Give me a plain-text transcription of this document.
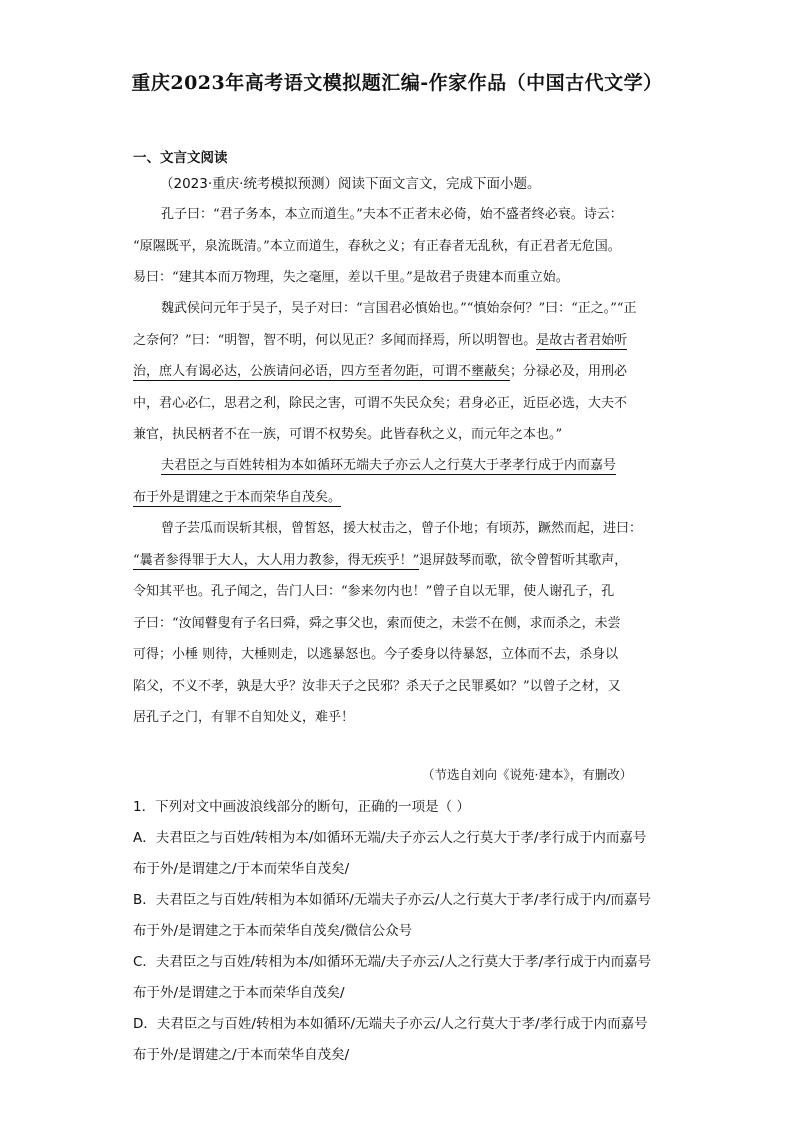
重庆2023年高考语文模拟题汇编-作家作品（中国古代文学）
一、文言文阅读
（2023·重庆·统考模拟预测）阅读下面文言文，完成下面小题。
孔子曰：“君子务本，本立而道生。”夫本不正者末必倚，始不盛者终必衰。诗云：
“原隰既平，泉流既清。”本立而道生，春秋之义；有正春者无乱秋，有正君者无危国。
易曰：“建其本而万物理，失之毫厘，差以千里。”是故君子贵建本而重立始。
魏武侯问元年于吴子，吴子对曰：“言国君必慎始也。”“慎始奈何？”曰：“正之。”“正
之奈何？”曰：“明智，智不明，何以见正？多闻而择焉，所以明智也。是故古者君始听
治，庶人有谒必达，公族请问必语，四方至者勿距，可谓不壅蔽矣；分禄必及，用刑必
中，君心必仁，思君之利，除民之害，可谓不失民众矣；君身必正，近臣必选，大夫不
兼官，执民柄者不在一族，可谓不权势矣。此皆春秋之义，而元年之本也。”
夫君臣之与百姓转相为本如循环无端夫子亦云人之行莫大于孝孝行成于内而嘉号
布于外是谓建之于本而荣华自茂矣。
曾子芸瓜而误斩其根，曾皙怒，援大杖击之，曾子仆地；有顷苏，蹶然而起，进曰：
“曩者参得罪于大人，大人用力教参，得无疾乎！”退屏鼓琴而歌，欲令曾皙听其歌声，
令知其平也。孔子闻之，告门人曰：“参来勿内也！”曾子自以无罪，使人谢孔子，孔
子曰：“汝闻瞽叟有子名曰舜，舜之事父也，索而使之，未尝不在侧，求而杀之，未尝
可得；小棰 则待，大棰则走，以逃暴怒也。今子委身以待暴怒，立体而不去，杀身以
陷父，不义不孝，孰是大乎？汝非天子之民邪？杀天子之民罪奚如？”以曾子之材，又
居孔子之门，有罪不自知处义，难乎！
（节选自刘向《说苑·建本》，有删改）
1．下列对文中画波浪线部分的断句，正确的一项是（ ）
A．夫君臣之与百姓/转相为本/如循环无端/夫子亦云人之行莫大于孝/孝行成于内而嘉号
布于外/是谓建之/于本而荣华自茂矣/
B．夫君臣之与百姓/转相为本如循环/无端夫子亦云/人之行莫大于孝/孝行成于内/而嘉号
布于外/是谓建之于本而荣华自茂矣/微信公众号
C．夫君臣之与百姓/转相为本/如循环无端/夫子亦云/人之行莫大于孝/孝行成于内而嘉号
布于外/是谓建之于本而荣华自茂矣/
D．夫君臣之与百姓/转相为本如循环/无端夫子亦云/人之行莫大于孝/孝行成于内而嘉号
布于外/是谓建之/于本而荣华自茂矣/
